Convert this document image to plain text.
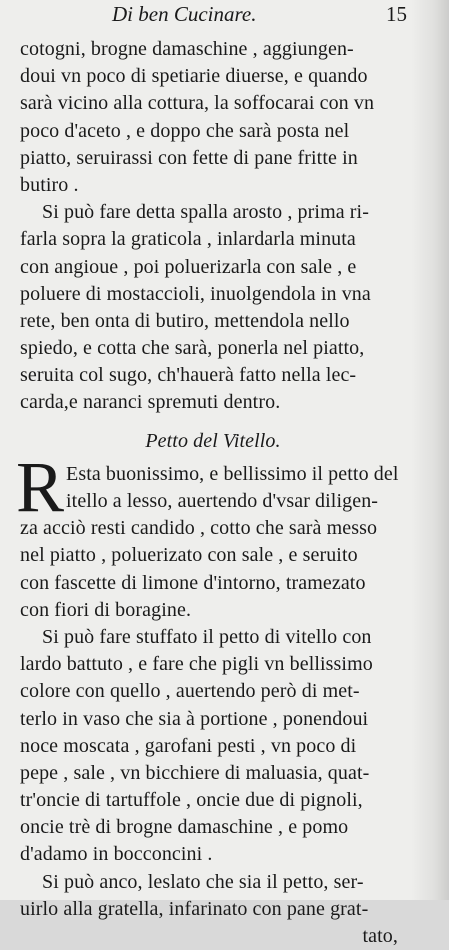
Di ben Cucinare.	15
cotogni, brogne damaschine , aggiungen-
doui vn poco di spetiarie diuerse, e quando
sarà vicino alla cottura, la soffocarai con vn
poco d'aceto , e doppo che sarà posta nel
piatto, seruirassi con fette di pane fritte in
butiro .
Si può fare detta spalla arosto , prima ri-
farla sopra la graticola , inlardarla minuta
con angioue , poi poluerizarla con sale , e
poluere di mostaccioli, inuolgendola in vna
rete, ben onta di butiro, mettendola nello
spiedo, e cotta che sarà, ponerla nel piatto,
seruita col sugo, ch'hauerà fatto nella lec-
carda,e naranci spremuti dentro.
Petto del Vitello.
R Esta buonissimo, e bellissimo il petto del
itello a lesso, auertendo d'vsar diligen-
za acciò resti candido , cotto che sarà messo
nel piatto , poluerizato con sale , e seruito
con fascette di limone d'intorno, tramezato
con fiori di boragine.
Si può fare stuffato il petto di vitello con
lardo battuto , e fare che pigli vn bellissimo
colore con quello , auertendo però di met-
terlo in vaso che sia à portione , ponendoui
noce moscata , garofani pesti , vn poco di
pepe , sale , vn bicchiere di maluasia, quat-
tr'oncie di tartuffole , oncie due di pignoli,
oncie trè di brogne damaschine , e pomo
d'adamo in bocconcini .
Si può anco, leslato che sia il petto, ser-
uirlo alla gratella, infarinato con pane grat-
tato,
